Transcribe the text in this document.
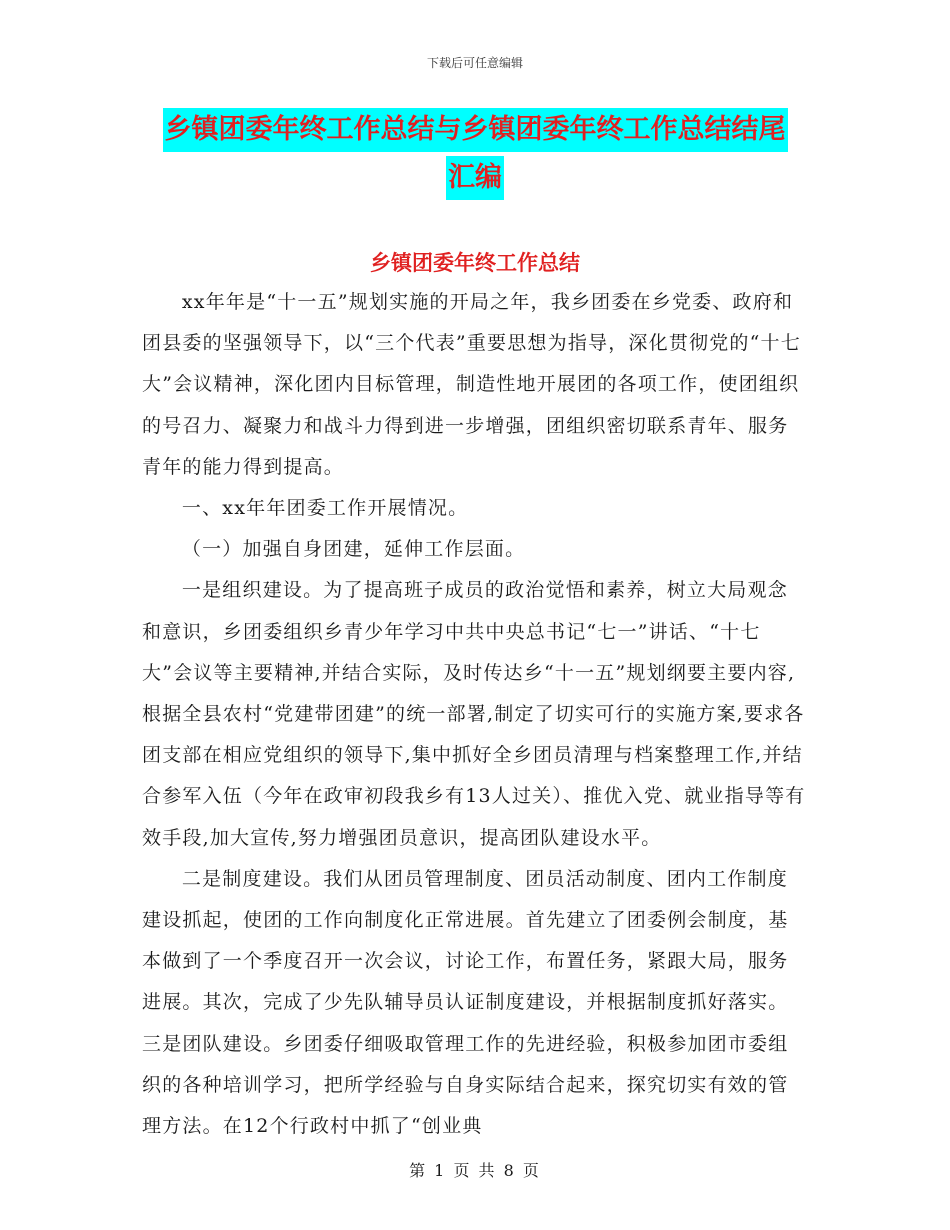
下载后可任意编辑
乡镇团委年终工作总结与乡镇团委年终工作总结结尾
汇编
乡镇团委年终工作总结

xx年年是“十一五”规划实施的开局之年，我乡团委在乡党委、政府和团县委的坚强领导下，以“三个代表”重要思想为指导，深化贯彻党的“十七大”会议精神，深化团内目标管理，制造性地开展团的各项工作，使团组织的号召力、凝聚力和战斗力得到进一步增强，团组织密切联系青年、服务青年的能力得到提高。

一、xx年年团委工作开展情况。

（一）加强自身团建，延伸工作层面。

一是组织建设。为了提高班子成员的政治觉悟和素养，树立大局观念和意识，乡团委组织乡青少年学习中共中央总书记“七一”讲话、“十七大”会议等主要精神,并结合实际，及时传达乡“十一五”规划纲要主要内容,根据全县农村“党建带团建”的统一部署,制定了切实可行的实施方案,要求各团支部在相应党组织的领导下,集中抓好全乡团员清理与档案整理工作,并结合参军入伍（今年在政审初段我乡有13人过关）、推优入党、就业指导等有效手段,加大宣传,努力增强团员意识，提高团队建设水平。

二是制度建设。我们从团员管理制度、团员活动制度、团内工作制度建设抓起，使团的工作向制度化正常进展。首先建立了团委例会制度，基本做到了一个季度召开一次会议，讨论工作，布置任务，紧跟大局，服务进展。其次，完成了少先队辅导员认证制度建设，并根据制度抓好落实。三是团队建设。乡团委仔细吸取管理工作的先进经验，积极参加团市委组织的各种培训学习，把所学经验与自身实际结合起来，探究切实有效的管理方法。在12个行政村中抓了“创业典

第 1 页 共 8 页
